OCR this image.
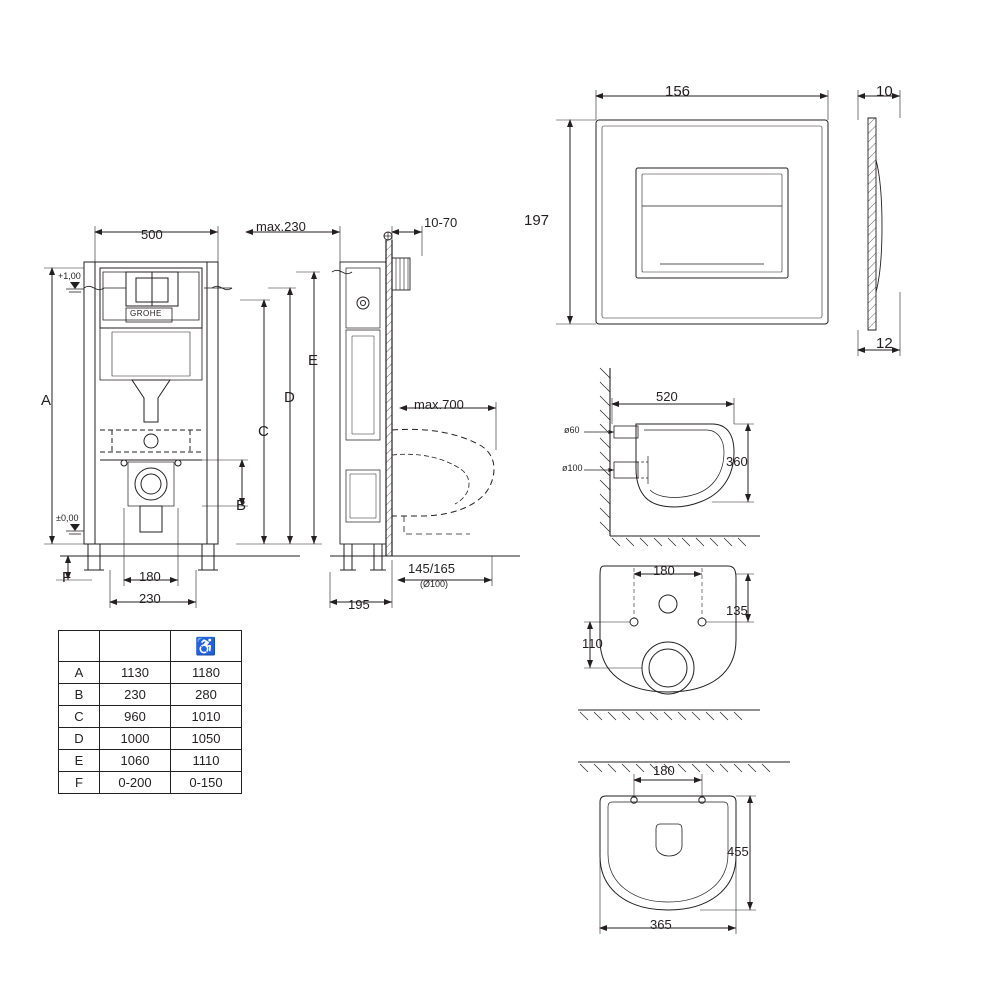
500
+1,00
±0,00
A
B
C
D
E
F	180
230
max.230	10-70
max.700
195
145/165
(Ø100)
156
197
10
12
520
360
ø60
ø100
180
135
110
180
455
365
		♿
A	1130	1180
B	230	280
C	960	1010
D	1000	1050
E	1060	1110
F	0-200	0-150
GROHE
